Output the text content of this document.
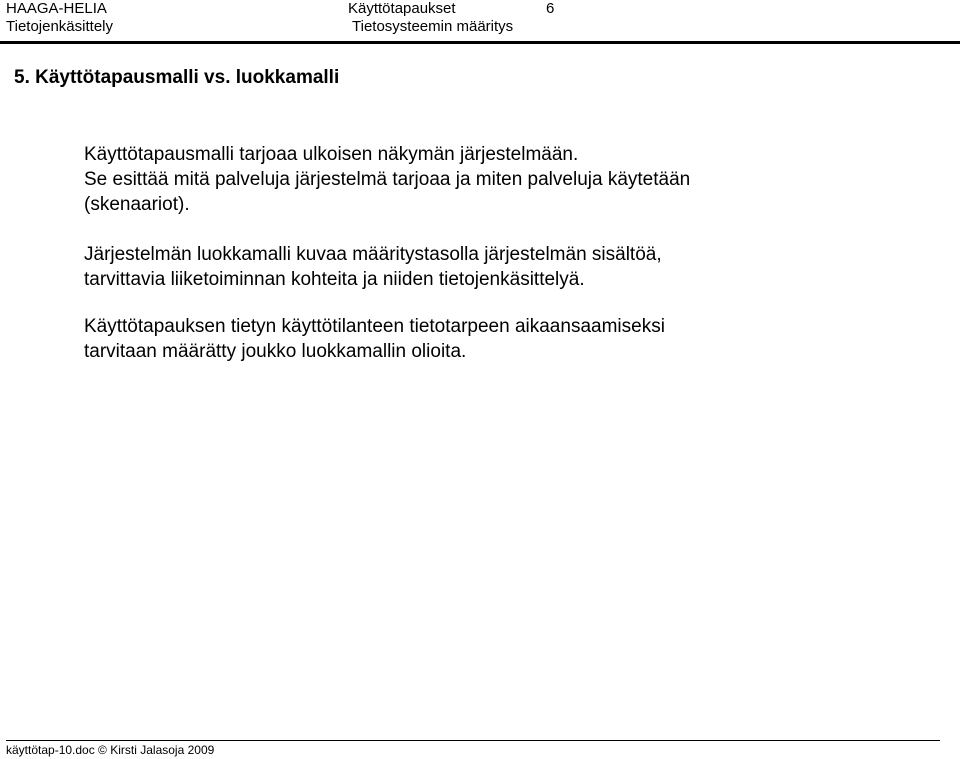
HAAGA-HELIA
Tietojenkäsittely
Käyttötapaukset
Tietosysteemin määritys
6
5. Käyttötapausmalli vs. luokkamalli
Käyttötapausmalli tarjoaa ulkoisen näkymän järjestelmään.
Se esittää mitä palveluja järjestelmä tarjoaa ja miten palveluja käytetään
(skenaariot).
Järjestelmän luokkamalli kuvaa määritystasolla järjestelmän sisältöä,
tarvittavia liiketoiminnan kohteita ja niiden tietojenkäsittelyä.
Käyttötapauksen tietyn käyttötilanteen tietotarpeen aikaansaamiseksi
tarvitaan määrätty joukko luokkamallin olioita.
käyttötap-10.doc © Kirsti Jalasoja 2009
